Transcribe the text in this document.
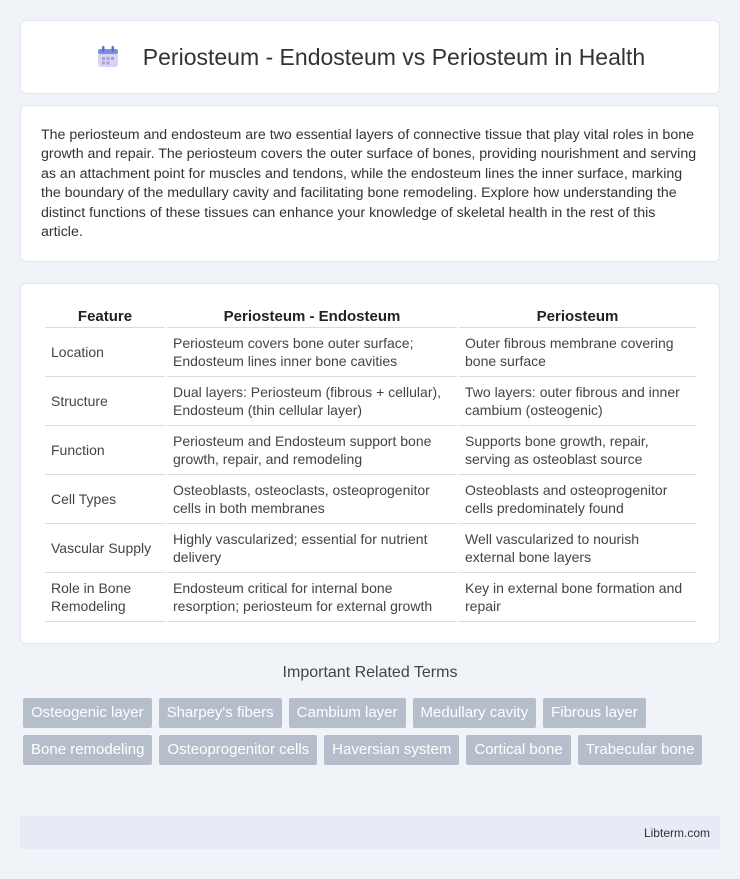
Periosteum - Endosteum vs Periosteum in Health

The periosteum and endosteum are two essential layers of connective tissue that play vital roles in bone growth and repair. The periosteum covers the outer surface of bones, providing nourishment and serving as an attachment point for muscles and tendons, while the endosteum lines the inner surface, marking the boundary of the medullary cavity and facilitating bone remodeling. Explore how understanding the distinct functions of these tissues can enhance your knowledge of skeletal health in the rest of this article.

Feature	Periosteum - Endosteum	Periosteum
Location	Periosteum covers bone outer surface; Endosteum lines inner bone cavities	Outer fibrous membrane covering bone surface
Structure	Dual layers: Periosteum (fibrous + cellular), Endosteum (thin cellular layer)	Two layers: outer fibrous and inner cambium (osteogenic)
Function	Periosteum and Endosteum support bone growth, repair, and remodeling	Supports bone growth, repair, serving as osteoblast source
Cell Types	Osteoblasts, osteoclasts, osteoprogenitor cells in both membranes	Osteoblasts and osteoprogenitor cells predominately found
Vascular Supply	Highly vascularized; essential for nutrient delivery	Well vascularized to nourish external bone layers
Role in Bone Remodeling	Endosteum critical for internal bone resorption; periosteum for external growth	Key in external bone formation and repair
Important Related Terms
Osteogenic layer	Sharpey's fibers	Cambium layer	Medullary cavity	Fibrous layer
Bone remodeling	Osteoprogenitor cells	Haversian system	Cortical bone	Trabecular bone
Libterm.com
